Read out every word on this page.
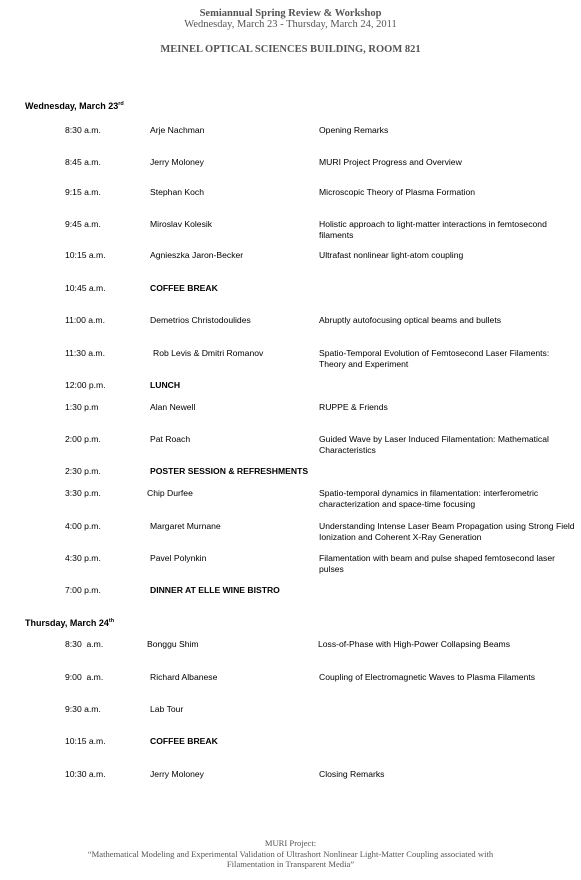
Semiannual Spring Review & Workshop
Wednesday, March 23 - Thursday, March 24, 2011
MEINEL OPTICAL SCIENCES BUILDING, ROOM 821
Wednesday, March 23rd
8:30 a.m.	Arje Nachman	Opening Remarks
8:45 a.m.	Jerry Moloney	MURI Project Progress and Overview
9:15 a.m.	Stephan Koch	Microscopic Theory of Plasma Formation
9:45 a.m.	Miroslav Kolesik	Holistic approach to light-matter interactions in femtosecond filaments
10:15 a.m.	Agnieszka Jaron-Becker	Ultrafast nonlinear light-atom coupling
10:45 a.m.	COFFEE BREAK
11:00 a.m.	Demetrios Christodoulides	Abruptly autofocusing optical beams and bullets
11:30 a.m.	Rob Levis & Dmitri Romanov	Spatio-Temporal Evolution of Femtosecond Laser Filaments: Theory and Experiment
12:00 p.m.	LUNCH
1:30 p.m	Alan Newell	RUPPE & Friends
2:00 p.m.	Pat Roach	Guided Wave by Laser Induced Filamentation: Mathematical Characteristics
2:30 p.m.	POSTER SESSION & REFRESHMENTS
3:30 p.m.	Chip Durfee	Spatio-temporal dynamics in filamentation: interferometric characterization and space-time focusing
4:00 p.m.	Margaret Murnane	Understanding Intense Laser Beam Propagation using Strong Field Ionization and Coherent X-Ray Generation
4:30 p.m.	Pavel Polynkin	Filamentation with beam and pulse shaped femtosecond laser pulses
7:00 p.m.	DINNER AT ELLE WINE BISTRO
Thursday, March 24th
8:30  a.m.	Bonggu Shim	Loss-of-Phase with High-Power Collapsing Beams
9:00  a.m.	Richard Albanese	Coupling of Electromagnetic Waves to Plasma Filaments
9:30 a.m.	Lab Tour
10:15 a.m.	COFFEE BREAK
10:30 a.m.	Jerry Moloney	Closing Remarks
MURI Project:
“Mathematical Modeling and Experimental Validation of Ultrashort Nonlinear Light-Matter Coupling associated with
Filamentation in Transparent Media”
